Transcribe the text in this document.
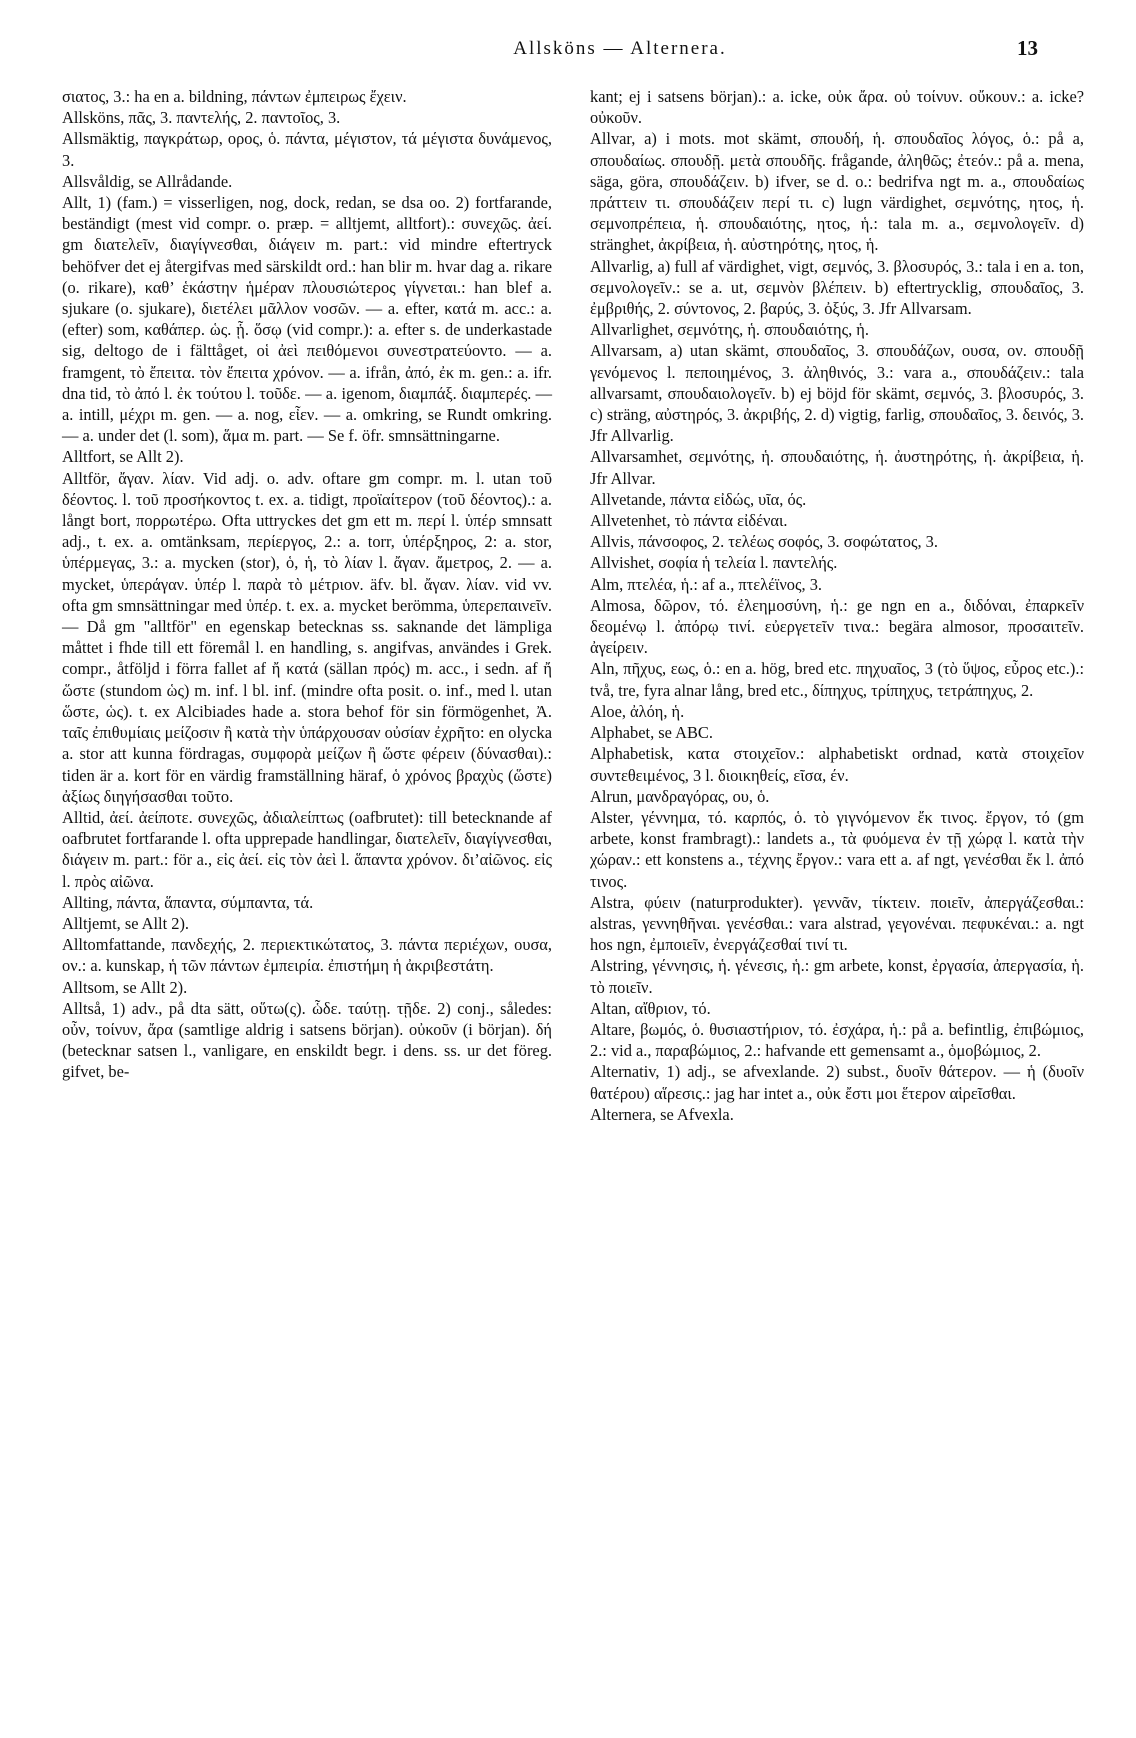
Allsköns — Alternera.	13

σιατος, 3.: ha en a. bildning, πάντων ἐμπειρως ἔχειν.

Allsköns, πᾶς, 3. παντελής, 2. παντοῖος, 3.

Allsmäktig, παγκράτωρ, ορος, ὁ. πάντα, μέγιστον, τά μέγιστα δυνάμενος, 3.

Allsvåldig, se Allrådande.

Allt, 1) (fam.) = visserligen, nog, dock, redan, se dsa oo. 2) fortfarande, beständigt (mest vid compr. o. præp. = alltjemt, alltfort).: συνεχῶς. ἀεί. gm διατελεῖν, διαγίγνεσθαι, διάγειν m. part.: vid mindre eftertryck behöfver det ej återgifvas med särskildt ord.: han blir m. hvar dag a. rikare (o. rikare), καθ’ ἑκάστην ἡμέραν πλουσιώτερος γίγνεται.: han blef a. sjukare (o. sjukare), διετέλει μᾶλλον νοσῶν. — a. efter, κατά m. acc.: a. (efter) som, καθάπερ. ὡς. ᾗ. ὅσῳ (vid compr.): a. efter s. de underkastade sig, deltogo de i fälttåget, οἱ ἀεὶ πειθόμενοι συνεστρατεύοντο. — a. framgent, τὸ ἔπειτα. τὸν ἔπειτα χρόνον. — a. ifrån, ἀπό, ἐκ m. gen.: a. ifr. dna tid, τὸ ἀπό l. ἐκ τούτου l. τοῦδε. — a. igenom, διαμπάξ. διαμπερές. — a. intill, μέχρι m. gen. — a. nog, εἶεν. — a. omkring, se Rundt omkring. — a. under det (l. som), ἅμα m. part. — Se f. öfr. smnsättningarne.

Alltfort, se Allt 2).

Alltför, ἄγαν. λίαν. Vid adj. o. adv. oftare gm compr. m. l. utan τοῦ δέοντος. l. τοῦ προσήκοντος t. ex. a. tidigt, προϊαίτερον (τοῦ δέοντος).: a. långt bort, πορρωτέρω. Ofta uttryckes det gm ett m. περί l. ὑπέρ smnsatt adj., t. ex. a. omtänksam, περίεργος, 2.: a. torr, ὑπέρξηρος, 2: a. stor, ὑπέρμεγας, 3.: a. mycken (stor), ὁ, ἡ, τὸ λίαν l. ἄγαν. ἄμετρος, 2. — a. mycket, ὑπεράγαν. ὑπέρ l. παρὰ τὸ μέτριον. äfv. bl. ἄγαν. λίαν. vid vv. ofta gm smnsättningar med ὑπέρ. t. ex. a. mycket berömma, ὑπερεπαινεῖν. — Då gm "alltför" en egenskap betecknas ss. saknande det lämpliga måttet i fhde till ett föremål l. en handling, s. angifvas, användes i Grek. compr., åtföljd i förra fallet af ἤ κατά (sällan πρός) m. acc., i sedn. af ἤ ὥστε (stundom ὡς) m. inf. l bl. inf. (mindre ofta posit. o. inf., med l. utan ὥστε, ὡς). t. ex Alcibiades hade a. stora behof för sin förmögenhet, Ἀ. ταῖς ἐπιθυμίαις μείζοσιν ἢ κατὰ τὴν ὑπάρχουσαν οὐσίαν ἐχρῆτο: en olycka a. stor att kunna fördragas, συμφορὰ μείζων ἢ ὥστε φέρειν (δύνασθαι).: tiden är a. kort för en värdig framställning häraf, ὁ χρόνος βραχὺς (ὥστε) ἀξίως διηγήσασθαι τοῦτο.

Alltid, ἀεί. ἀείποτε. συνεχῶς, ἀδιαλείπτως (oafbrutet): till betecknande af oafbrutet fortfarande l. ofta upprepade handlingar, διατελεῖν, διαγίγνεσθαι, διάγειν m. part.: för a., εἰς ἀεί. εἰς τὸν ἀεὶ l. ἅπαντα χρόνον. δι’αἰῶνος. εἰς l. πρὸς αἰῶνα.

Allting, πάντα, ἅπαντα, σύμπαντα, τά.

Alltjemt, se Allt 2).

Alltomfattande, πανδεχής, 2. περιεκτικώτατος, 3. πάντα περιέχων, ουσα, ον.: a. kunskap, ἡ τῶν πάντων ἐμπειρία. ἐπιστήμη ἡ ἀκριβεστάτη.

Alltsom, se Allt 2).

Alltså, 1) adv., på dta sätt, οὕτω(ς). ὧδε. ταύτῃ. τῇδε. 2) conj., således: οὖν, τοίνυν, ἄρα (samtlige aldrig i satsens början). οὐκοῦν (i början). δή (betecknar satsen l., vanligare, en enskildt begr. i dens. ss. ur det föreg. gifvet, be-

kant; ej i satsens början).: a. icke, οὐκ ἄρα. οὐ τοίνυν. οὔκουν.: a. icke? οὐκοῦν.

Allvar, a) i mots. mot skämt, σπουδή, ἡ. σπουδαῖος λόγος, ὁ.: på a, σπουδαίως. σπουδῇ. μετὰ σπουδῆς. frågande, ἀληθῶς; ἐτεόν.: på a. mena, säga, göra, σπουδάζειν. b) ifver, se d. o.: bedrifva ngt m. a., σπουδαίως πράττειν τι. σπουδάζειν περί τι. c) lugn värdighet, σεμνότης, ητος, ἡ. σεμνοπρέπεια, ἡ. σπουδαιότης, ητος, ἡ.: tala m. a., σεμνολογεῖν. d) stränghet, ἀκρίβεια, ἡ. αὐστηρότης, ητος, ἡ.

Allvarlig, a) full af värdighet, vigt, σεμνός, 3. βλοσυρός, 3.: tala i en a. ton, σεμνολογεῖν.: se a. ut, σεμνὸν βλέπειν. b) eftertrycklig, σπουδαῖος, 3. ἐμβριθής, 2. σύντονος, 2. βαρύς, 3. ὀξύς, 3. Jfr Allvarsam.

Allvarlighet, σεμνότης, ἡ. σπουδαιότης, ἡ.

Allvarsam, a) utan skämt, σπουδαῖος, 3. σπουδάζων, ουσα, ον. σπουδῇ γενόμενος l. πεποιημένος, 3. ἀληθινός, 3.: vara a., σπουδάζειν.: tala allvarsamt, σπουδαιολογεῖν. b) ej böjd för skämt, σεμνός, 3. βλοσυρός, 3. c) sträng, αὐστηρός, 3. ἀκριβής, 2. d) vigtig, farlig, σπουδαῖος, 3. δεινός, 3. Jfr Allvarlig.

Allvarsamhet, σεμνότης, ἡ. σπουδαιότης, ἡ. ἀυστηρότης, ἡ. ἀκρίβεια, ἡ. Jfr Allvar.

Allvetande, πάντα εἰδώς, υῖα, ός.

Allvetenhet, τὸ πάντα εἰδέναι.

Allvis, πάνσοφος, 2. τελέως σοφός, 3. σοφώτατος, 3.

Allvishet, σοφία ἡ τελεία l. παντελής.

Alm, πτελέα, ἡ.: af a., πτελέϊνος, 3.

Almosa, δῶρον, τό. ἐλεημοσύνη, ἡ.: ge ngn en a., διδόναι, ἐπαρκεῖν δεομένῳ l. ἀπόρῳ τινί. εὐεργετεῖν τινα.: begära almosor, προσαιτεῖν. ἀγείρειν.

Aln, πῆχυς, εως, ὁ.: en a. hög, bred etc. πηχυαῖος, 3 (τὸ ὕψος, εὖρος etc.).: två, tre, fyra alnar lång, bred etc., δίπηχυς, τρίπηχυς, τετράπηχυς, 2.

Aloe, ἀλόη, ἡ.

Alphabet, se ABC.

Alphabetisk, κατα στοιχεῖον.: alphabetiskt ordnad, κατὰ στοιχεῖον συντεθειμένος, 3 l. διοικηθείς, εῖσα, έν.

Alrun, μανδραγόρας, ου, ὁ.

Alster, γέννημα, τό. καρπός, ὁ. τὸ γιγνόμενον ἔκ τινος. ἔργον, τό (gm arbete, konst frambragt).: landets a., τὰ φυόμενα ἐν τῇ χώρᾳ l. κατὰ τὴν χώραν.: ett konstens a., τέχνης ἔργον.: vara ett a. af ngt, γενέσθαι ἔκ l. ἀπό τινος.

Alstra, φύειν (naturprodukter). γεννᾶν, τίκτειν. ποιεῖν, ἀπεργάζεσθαι.: alstras, γεννηθῆναι. γενέσθαι.: vara alstrad, γεγονέναι. πεφυκέναι.: a. ngt hos ngn, ἐμποιεῖν, ἐνεργάζεσθαί τινί τι.

Alstring, γέννησις, ἡ. γένεσις, ἡ.: gm arbete, konst, ἐργασία, ἀπεργασία, ἡ. τὸ ποιεῖν.

Altan, αἴθριον, τό.

Altare, βωμός, ὁ. θυσιαστήριον, τό. ἐσχάρα, ἡ.: på a. befintlig, ἐπιβώμιος, 2.: vid a., παραβώμιος, 2.: hafvande ett gemensamt a., ὁμοβώμιος, 2.

Alternativ, 1) adj., se afvexlande. 2) subst., δυοῖν θάτερον. — ἡ (δυοῖν θατέρου) αἵρεσις.: jag har intet a., οὐκ ἔστι μοι ἕτερον αἱρεῖσθαι.

Alternera, se Afvexla.
